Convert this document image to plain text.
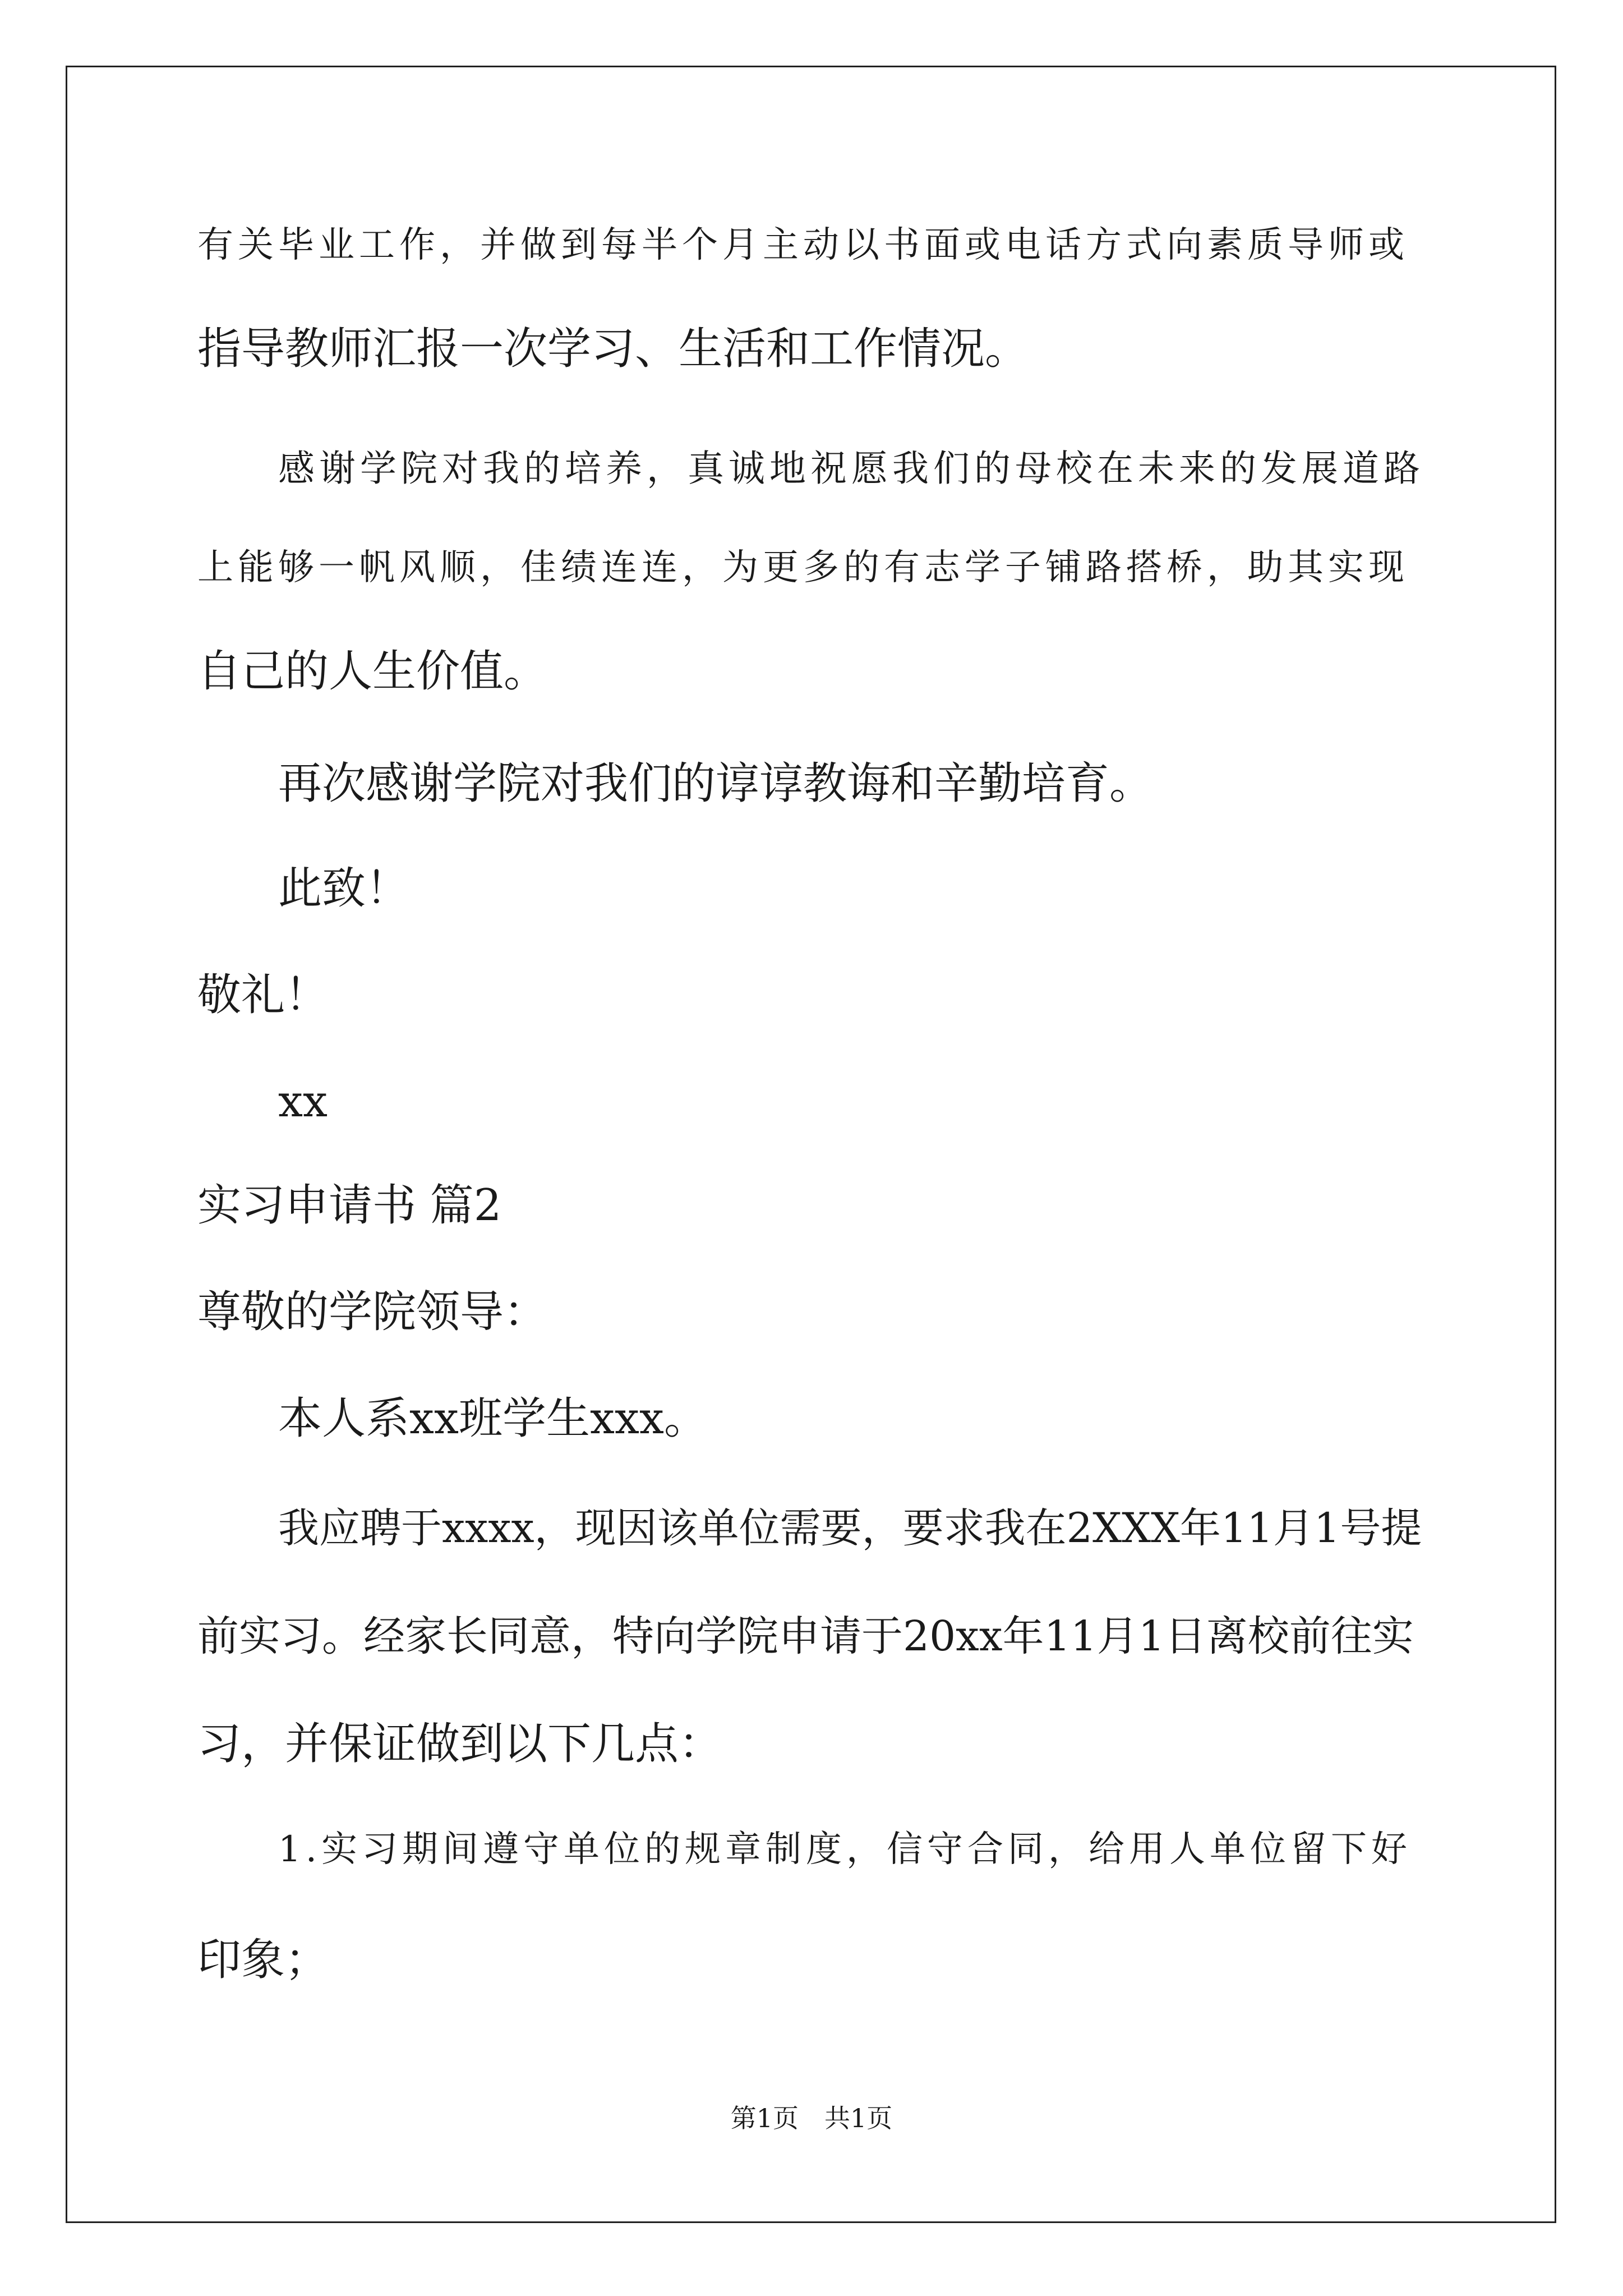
有关毕业工作，并做到每半个月主动以书面或电话方式向素质导师或

指导教师汇报一次学习、生活和工作情况。

感谢学院对我的培养，真诚地祝愿我们的母校在未来的发展道路

上能够一帆风顺，佳绩连连，为更多的有志学子铺路搭桥，助其实现

自己的人生价值。

再次感谢学院对我们的谆谆教诲和辛勤培育。

此致！

敬礼！

xx

实习申请书 篇2

尊敬的学院领导：

本人系xx班学生xxx。

我应聘于xxxx，现因该单位需要，要求我在2XXX年11月1号提

前实习。经家长同意，特向学院申请于20xx年11月1日离校前往实

习，并保证做到以下几点：

1.实习期间遵守单位的规章制度，信守合同，给用人单位留下好

印象；

第1页　共1页
